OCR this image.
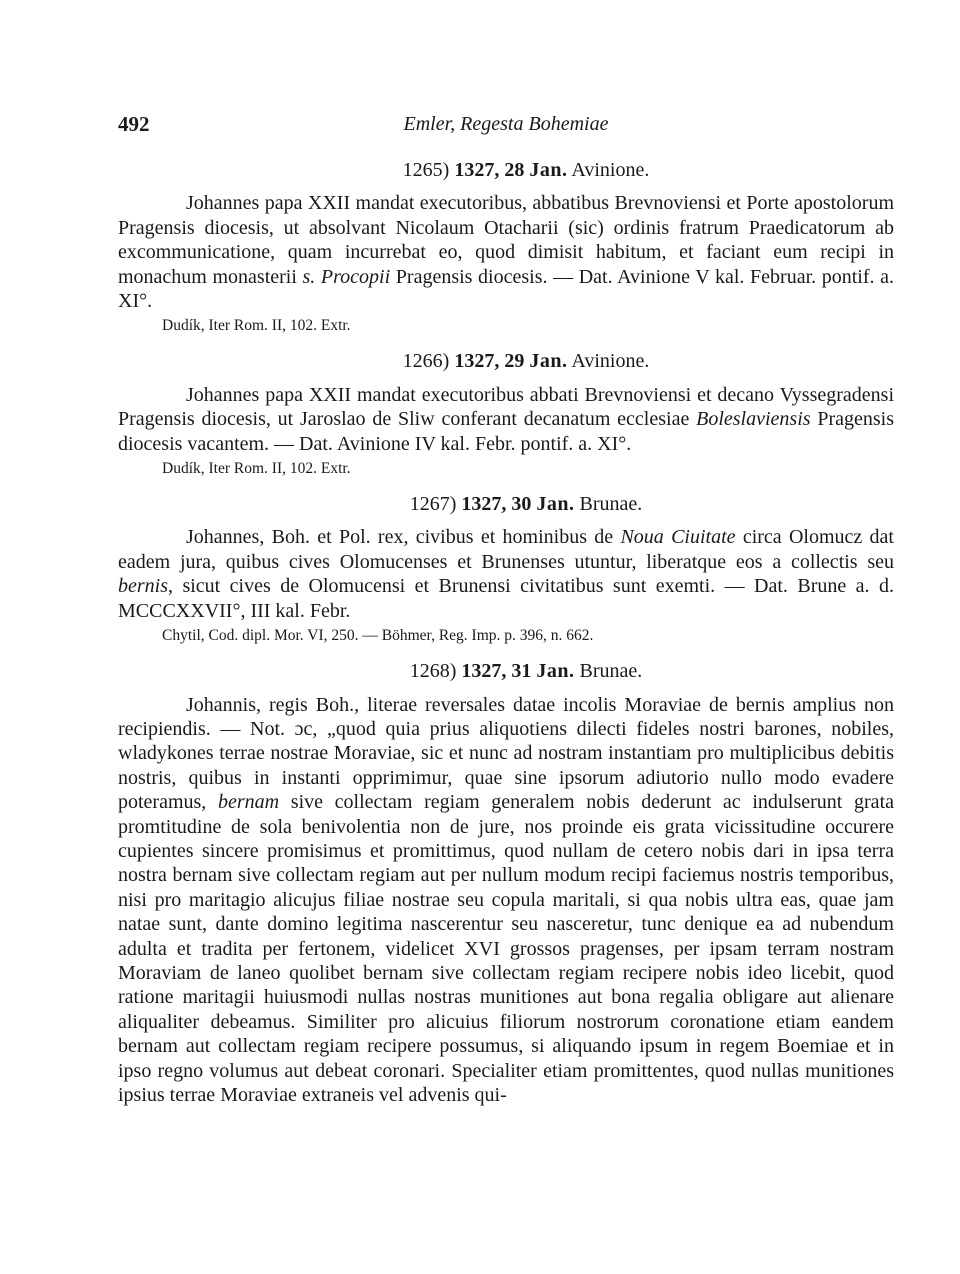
492	Emler, Regesta Bohemiae
1265) 1327, 28 Jan. Avinione.

Johannes papa XXII mandat executoribus, abbatibus Brevnoviensi et Porte apostolorum Pragensis diocesis, ut absolvant Nicolaum Otacharii (sic) ordinis fratrum Praedicatorum ab excommunicatione, quam incurrebat eo, quod dimisit habitum, et faciant eum recipi in monachum monasterii s. Procopii Pragensis diocesis. — Dat. Avinione V kal. Februar. pontif. a. XI°.

Dudík, Iter Rom. II, 102. Extr.
1266) 1327, 29 Jan. Avinione.

Johannes papa XXII mandat executoribus abbati Brevnoviensi et decano Vyssegradensi Pragensis diocesis, ut Jaroslao de Sliw conferant decanatum ecclesiae Boleslaviensis Pragensis diocesis vacantem. — Dat. Avinione IV kal. Febr. pontif. a. XI°.

Dudík, Iter Rom. II, 102. Extr.
1267) 1327, 30 Jan. Brunae.

Johannes, Boh. et Pol. rex, civibus et hominibus de Noua Ciuitate circa Olomucz dat eadem jura, quibus cives Olomucenses et Brunenses utuntur, liberatque eos a collectis seu bernis, sicut cives de Olomucensi et Brunensi civitatibus sunt exemti. — Dat. Brune a. d. MCCCXXVII°, III kal. Febr.

Chytil, Cod. dipl. Mor. VI, 250. — Böhmer, Reg. Imp. p. 396, n. 662.
1268) 1327, 31 Jan. Brunae.

Johannis, regis Boh., literae reversales datae incolis Moraviae de bernis amplius non recipiendis. — Not. ɔc, „quod quia prius aliquotiens dilecti fideles nostri barones, nobiles, wladykones terrae nostrae Moraviae, sic et nunc ad nostram instantiam pro multiplicibus debitis nostris, quibus in instanti opprimimur, quae sine ipsorum adiutorio nullo modo evadere poteramus, bernam sive collectam regiam generalem nobis dederunt ac indulserunt grata promtitudine de sola benivolentia non de jure, nos proinde eis grata vicissitudine occurere cupientes sincere promisimus et promittimus, quod nullam de cetero nobis dari in ipsa terra nostra bernam sive collectam regiam aut per nullum modum recipi faciemus nostris temporibus, nisi pro maritagio alicujus filiae nostrae seu copula maritali, si qua nobis ultra eas, quae jam natae sunt, dante domino legitima nascerentur seu nasceretur, tunc denique ea ad nubendum adulta et tradita per fertonem, videlicet XVI grossos pragenses, per ipsam terram nostram Moraviam de laneo quolibet bernam sive collectam regiam recipere nobis ideo licebit, quod ratione maritagii huiusmodi nullas nostras munitiones aut bona regalia obligare aut alienare aliqualiter debeamus. Similiter pro alicuius filiorum nostrorum coronatione etiam eandem bernam aut collectam regiam recipere possumus, si aliquando ipsum in regem Boemiae et in ipso regno volumus aut debeat coronari. Specialiter etiam promittentes, quod nullas munitiones ipsius terrae Moraviae extraneis vel advenis qui-
